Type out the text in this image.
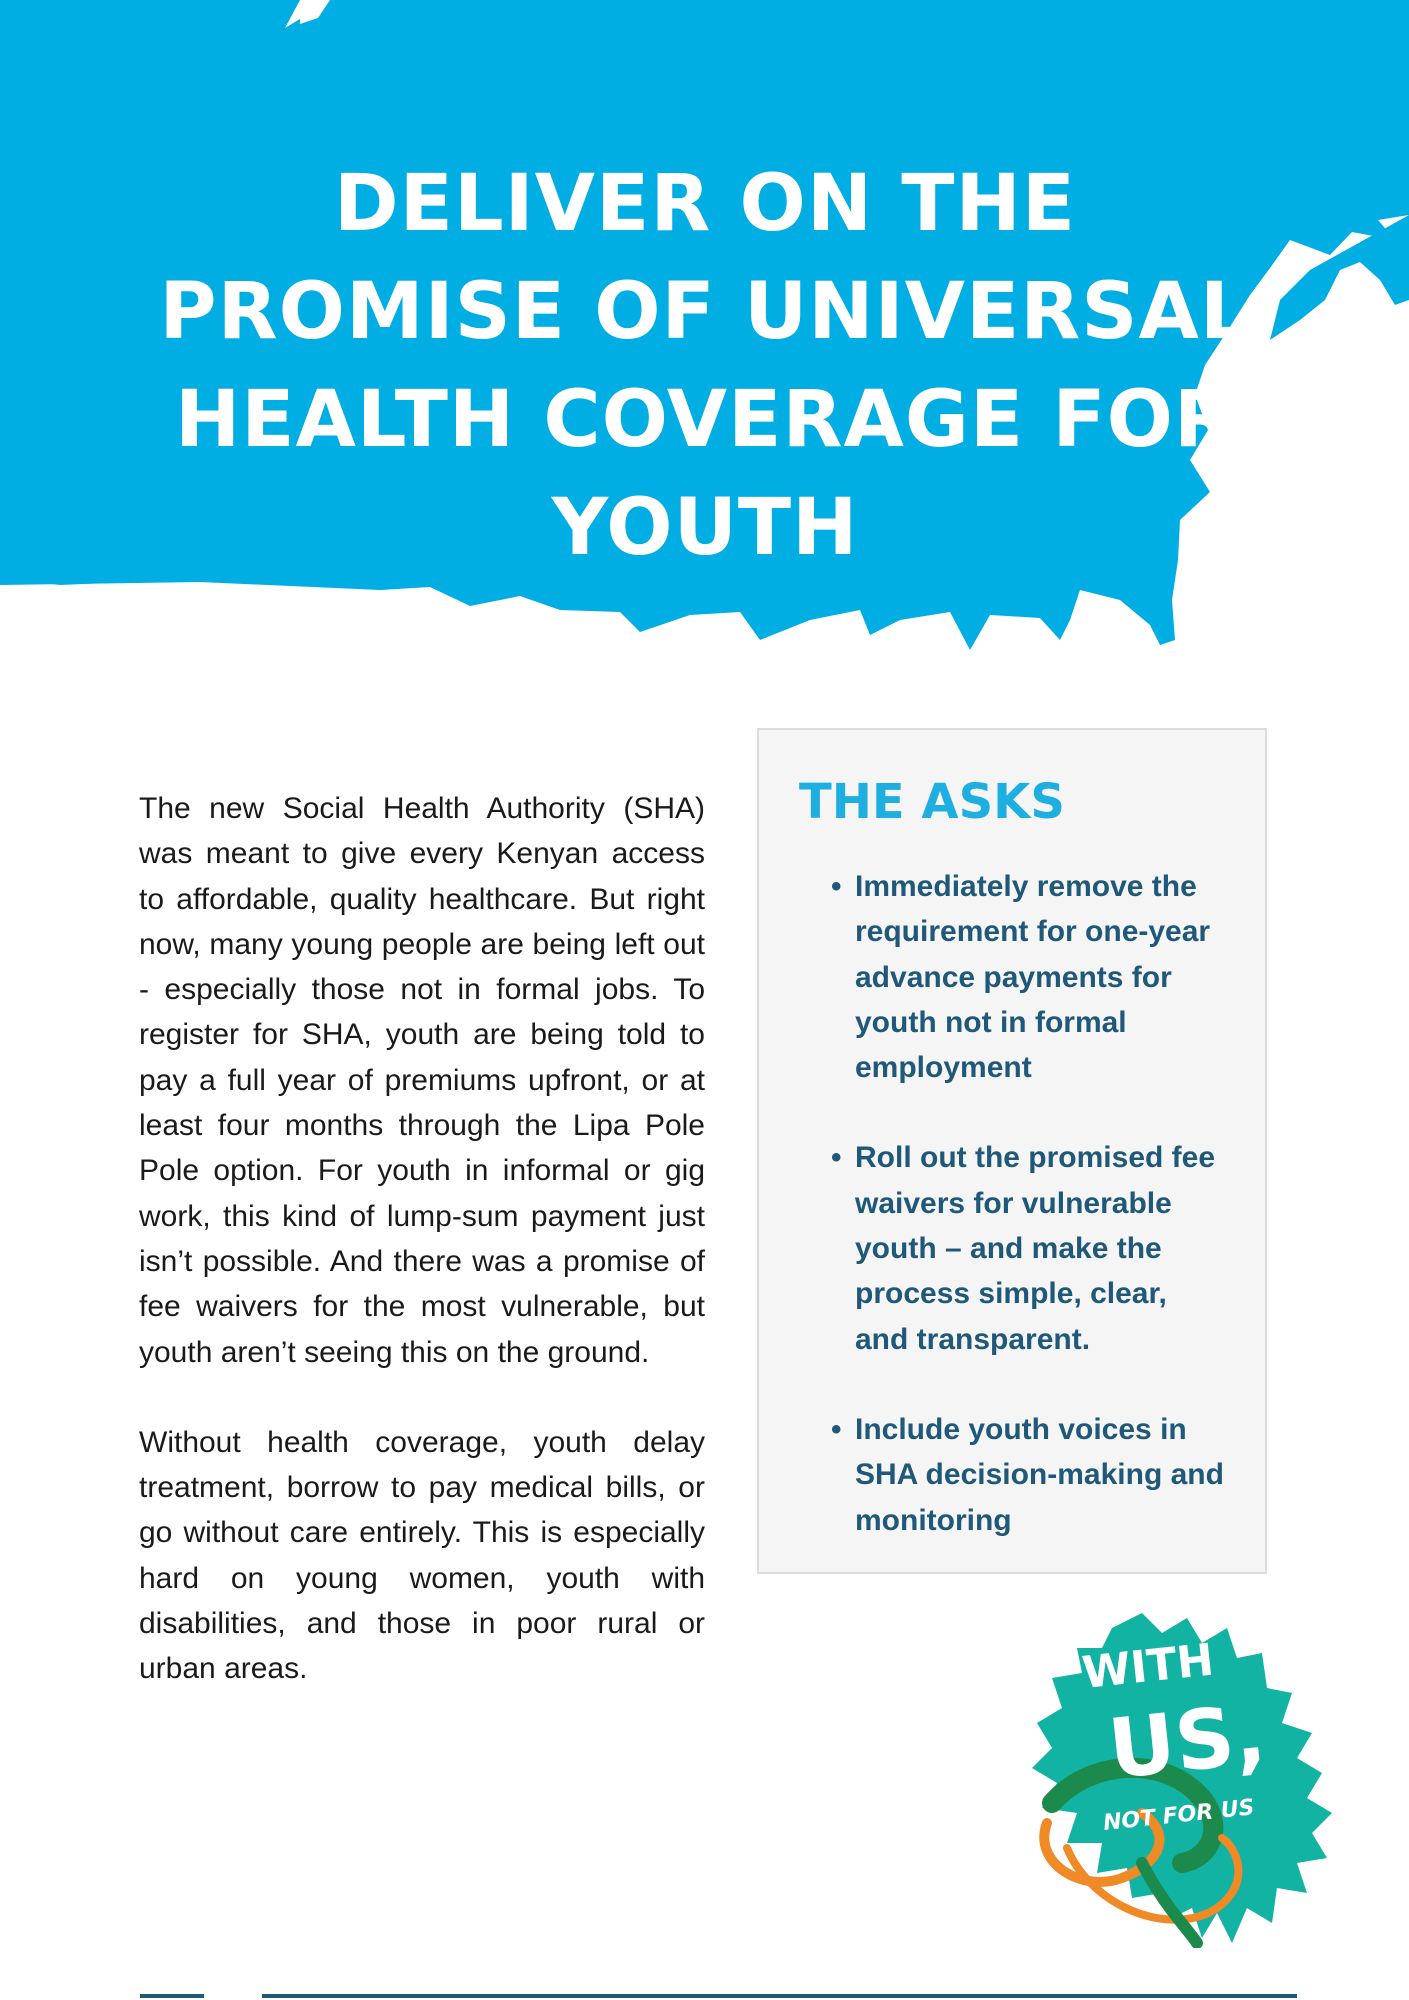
DELIVER ON THE PROMISE OF UNIVERSAL HEALTH COVERAGE FOR YOUTH

The new Social Health Authority (SHA) was meant to give every Kenyan access to affordable, quality healthcare. But right now, many young people are being left out - especially those not in formal jobs. To register for SHA, youth are being told to pay a full year of premiums upfront, or at least four months through the Lipa Pole Pole option. For youth in informal or gig work, this kind of lump-sum payment just isn’t possible. And there was a promise of fee waivers for the most vulnerable, but youth aren’t seeing this on the ground.

Without health coverage, youth delay treatment, borrow to pay medical bills, or go without care entirely. This is especially hard on young women, youth with disabilities, and those in poor rural or urban areas.

THE ASKS
• Immediately remove the requirement for one-year advance payments for youth not in formal employment
• Roll out the promised fee waivers for vulnerable youth – and make the process simple, clear, and transparent.
• Include youth voices in SHA decision-making and monitoring
WITH
US,
NOT FOR US
